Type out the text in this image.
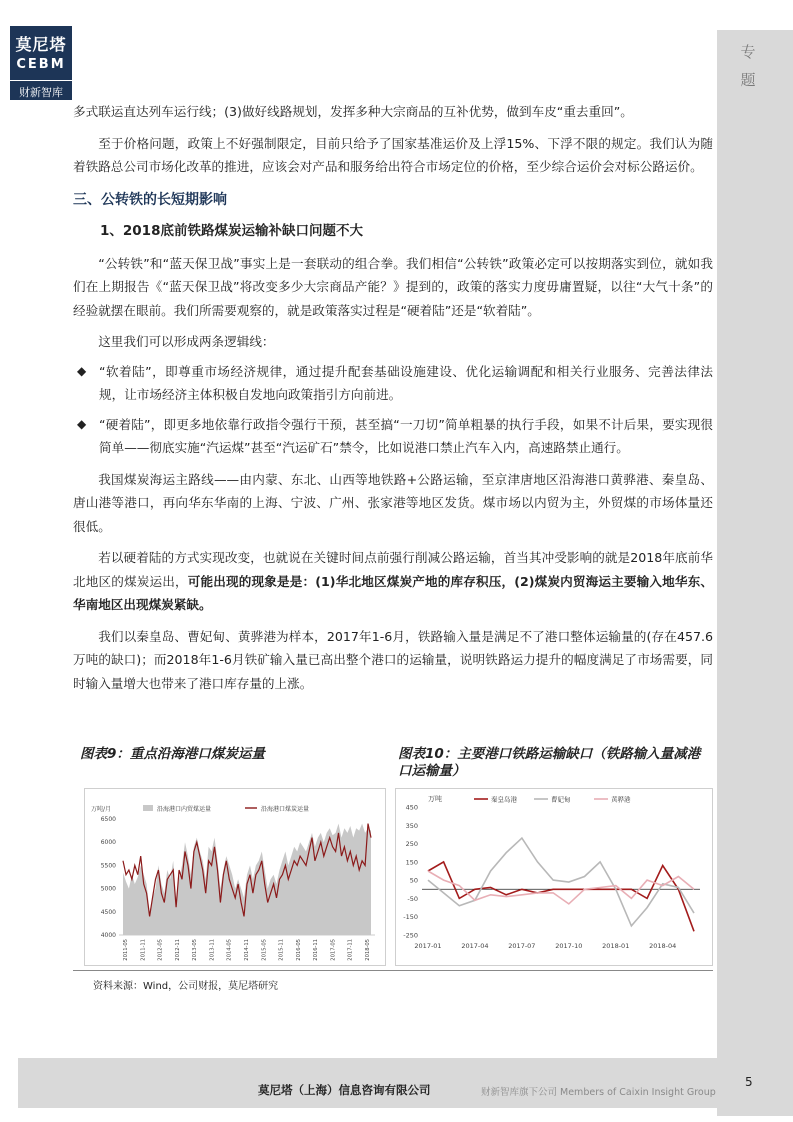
莫尼塔
CEBM
财新智库
专题

多式联运直达列车运行线；(3)做好线路规划，发挥多种大宗商品的互补优势，做到车皮“重去重回”。

至于价格问题，政策上不好强制限定，目前只给予了国家基准运价及上浮15%、下浮不限的规定。我们认为随着铁路总公司市场化改革的推进，应该会对产品和服务给出符合市场定位的价格，至少综合运价会对标公路运价。

三、公转铁的长短期影响
1、2018底前铁路煤炭运输补缺口问题不大

“公转铁”和“蓝天保卫战”事实上是一套联动的组合拳。我们相信“公转铁”政策必定可以按期落实到位，就如我们在上期报告《“蓝天保卫战”将改变多少大宗商品产能？》提到的，政策的落实力度毋庸置疑，以往“大气十条”的经验就摆在眼前。我们所需要观察的，就是政策落实过程是“硬着陆”还是“软着陆”。

这里我们可以形成两条逻辑线：

◆ “软着陆”，即尊重市场经济规律，通过提升配套基础设施建设、优化运输调配和相关行业服务、完善法律法规，让市场经济主体积极自发地向政策指引方向前进。

◆ “硬着陆”，即更多地依靠行政指令强行干预，甚至搞“一刀切”简单粗暴的执行手段，如果不计后果，要实现很简单——彻底实施“汽运煤”甚至“汽运矿石”禁令，比如说港口禁止汽车入内，高速路禁止通行。

我国煤炭海运主路线——由内蒙、东北、山西等地铁路+公路运输，至京津唐地区沿海港口黄骅港、秦皇岛、唐山港等港口，再向华东华南的上海、宁波、广州、张家港等地区发货。煤市场以内贸为主，外贸煤的市场体量还很低。

若以硬着陆的方式实现改变，也就说在关键时间点前强行削减公路运输，首当其冲受影响的就是2018年底前华北地区的煤炭运出，可能出现的现象是是：(1)华北地区煤炭产地的库存积压，(2)煤炭内贸海运主要输入地华东、华南地区出现煤炭紧缺。

我们以秦皇岛、曹妃甸、黄骅港为样本，2017年1-6月，铁路输入量是满足不了港口整体运输量的(存在457.6万吨的缺口)；而2018年1-6月铁矿输入量已高出整个港口的运输量，说明铁路运力提升的幅度满足了市场需要，同时输入量增大也带来了港口库存量的上涨。

图表9：重点沿海港口煤炭运量	图表10：主要港口铁路运输缺口（铁路输入量减港口运输量）
万吨/月
4000
4500
5000
5500
6000
6500
2011-05 2011-11 2012-05 2012-11 2013-05 2013-11 2014-05 2014-11 2015-05 2015-11 2016-05 2016-11 2017-05 2017-11 2018-05
沿海港口内贸煤运量	沿海港口煤炭运量
万吨
-250
-150
-50
50
150
250
350
450
2017-01	2017-04	2017-07	2017-10	2018-01	2018-04
秦皇岛港	曹妃甸	黄骅港
资料来源：Wind，公司财报，莫尼塔研究
莫尼塔（上海）信息咨询有限公司	财新智库旗下公司 Members of Caixin Insight Group
5
